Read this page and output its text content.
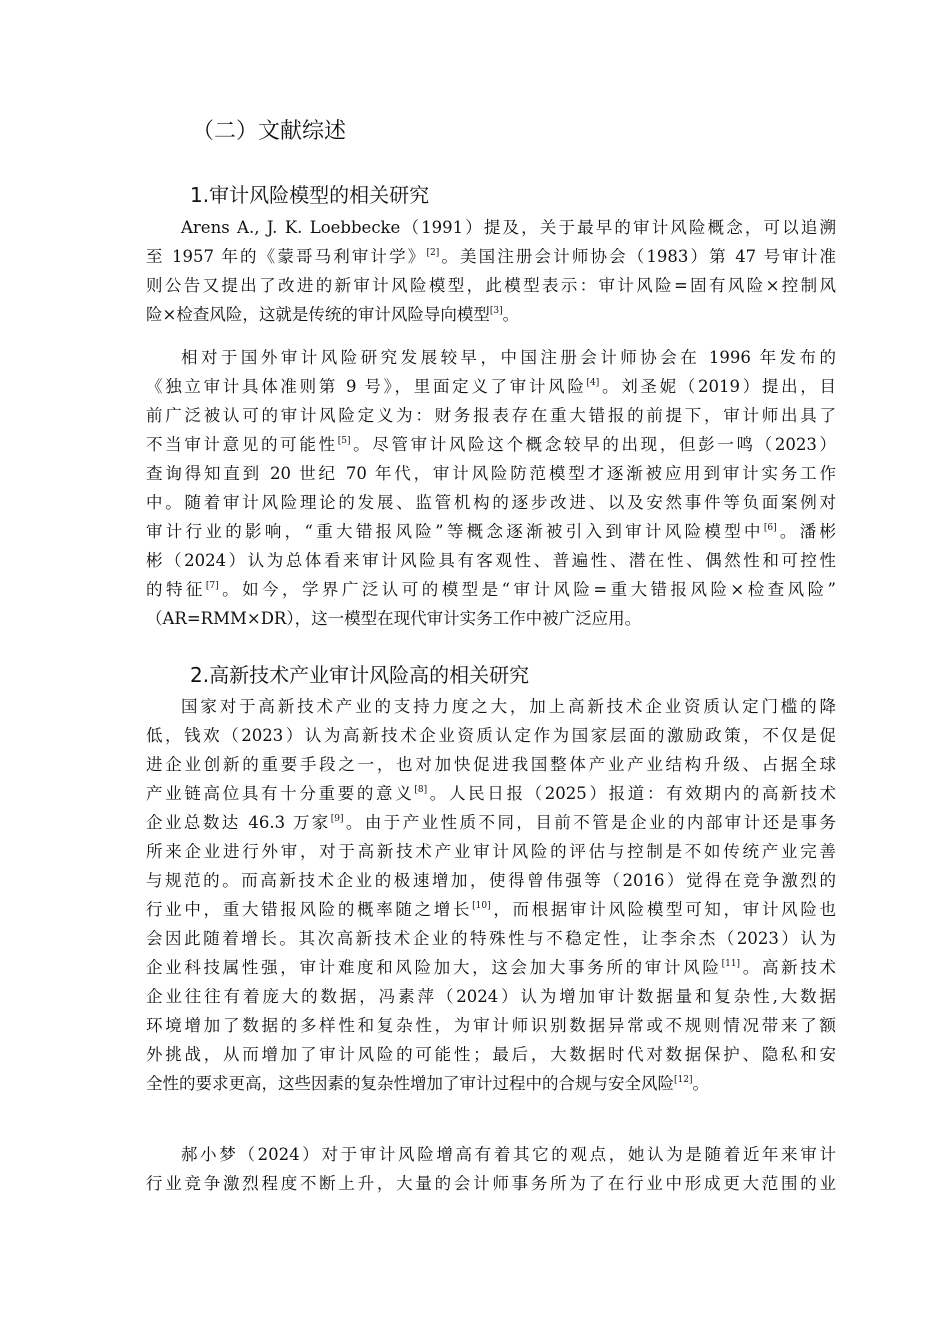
（二）文献综述
1.审计风险模型的相关研究
Arens A., J. K. Loebbecke（1991）提及，关于最早的审计风险概念，可以追溯
至 1957 年的《蒙哥马利审计学》[2]。美国注册会计师协会（1983）第 47 号审计准
则公告又提出了改进的新审计风险模型，此模型表示：审计风险=固有风险×控制风
险×检查风险，这就是传统的审计风险导向模型[3]。
相对于国外审计风险研究发展较早，中国注册会计师协会在 1996 年发布的
《独立审计具体准则第 9 号》，里面定义了审计风险[4]。刘圣妮（2019）提出，目
前广泛被认可的审计风险定义为：财务报表存在重大错报的前提下，审计师出具了
不当审计意见的可能性[5]。尽管审计风险这个概念较早的出现，但彭一鸣（2023）
查询得知直到 20 世纪 70 年代，审计风险防范模型才逐渐被应用到审计实务工作
中。随着审计风险理论的发展、监管机构的逐步改进、以及安然事件等负面案例对
审计行业的影响，“重大错报风险”等概念逐渐被引入到审计风险模型中[6]。潘彬
彬（2024）认为总体看来审计风险具有客观性、普遍性、潜在性、偶然性和可控性
的特征[7]。如今，学界广泛认可的模型是“审计风险=重大错报风险×检查风险”
（AR=RMM×DR），这一模型在现代审计实务工作中被广泛应用。
2.高新技术产业审计风险高的相关研究
国家对于高新技术产业的支持力度之大，加上高新技术企业资质认定门槛的降
低，钱欢（2023）认为高新技术企业资质认定作为国家层面的激励政策，不仅是促
进企业创新的重要手段之一，也对加快促进我国整体产业产业结构升级、占据全球
产业链高位具有十分重要的意义[8]。人民日报（2025）报道：有效期内的高新技术
企业总数达 46.3 万家[9]。由于产业性质不同，目前不管是企业的内部审计还是事务
所来企业进行外审，对于高新技术产业审计风险的评估与控制是不如传统产业完善
与规范的。而高新技术企业的极速增加，使得曾伟强等（2016）觉得在竞争激烈的
行业中，重大错报风险的概率随之增长[10]，而根据审计风险模型可知，审计风险也
会因此随着增长。其次高新技术企业的特殊性与不稳定性，让李余杰（2023）认为
企业科技属性强，审计难度和风险加大，这会加大事务所的审计风险[11]。高新技术
企业往往有着庞大的数据，冯素萍（2024）认为增加审计数据量和复杂性,大数据
环境增加了数据的多样性和复杂性，为审计师识别数据异常或不规则情况带来了额
外挑战，从而增加了审计风险的可能性；最后，大数据时代对数据保护、隐私和安
全性的要求更高，这些因素的复杂性增加了审计过程中的合规与安全风险[12]。
郝小梦（2024）对于审计风险增高有着其它的观点，她认为是随着近年来审计
行业竞争激烈程度不断上升，大量的会计师事务所为了在行业中形成更大范围的业
